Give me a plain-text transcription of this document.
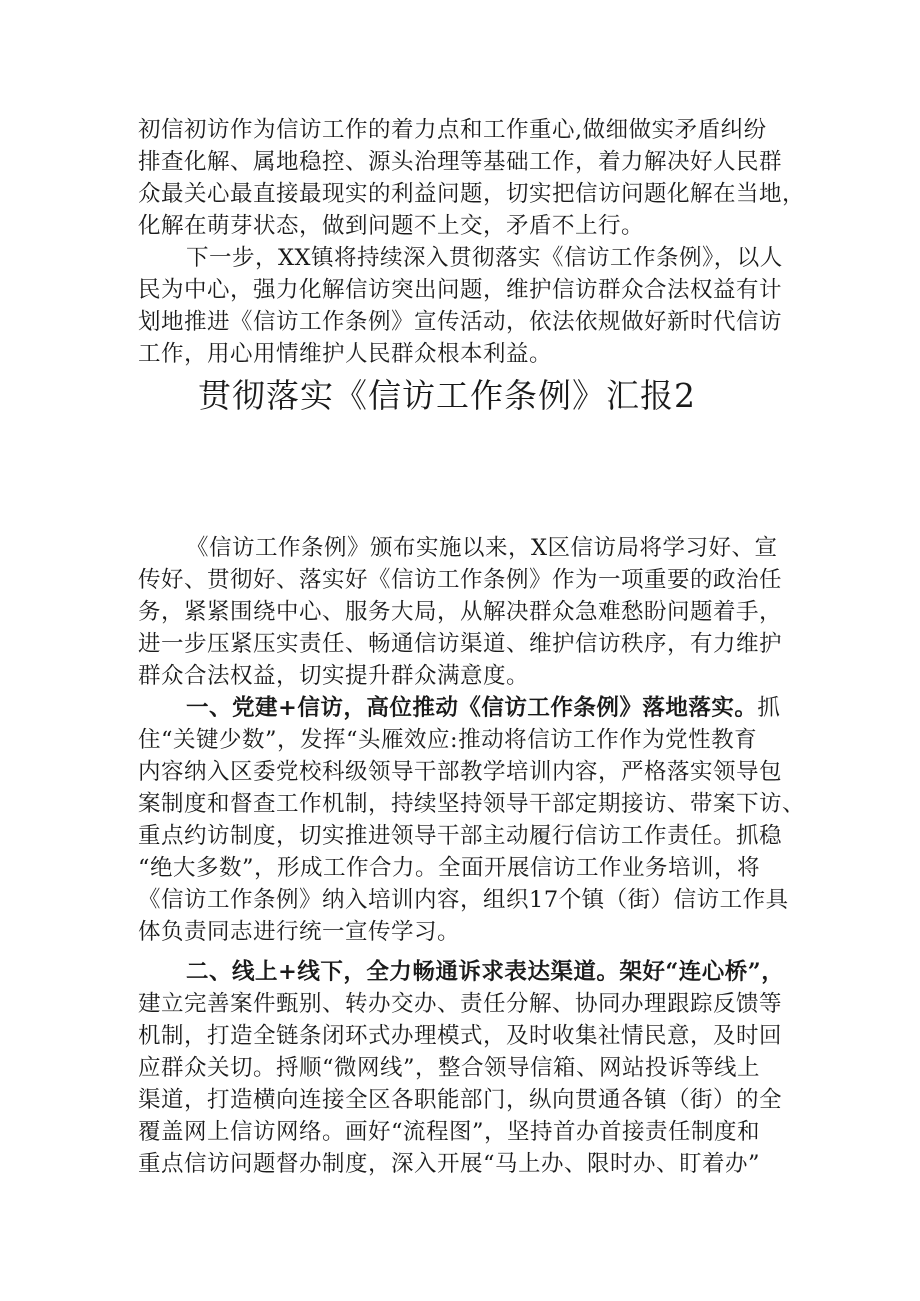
初信初访作为信访工作的着力点和工作重心,做细做实矛盾纠纷
排查化解、属地稳控、源头治理等基础工作，着力解决好人民群
众最关心最直接最现实的利益问题，切实把信访问题化解在当地，
化解在萌芽状态，做到问题不上交，矛盾不上行。
下一步，XX镇将持续深入贯彻落实《信访工作条例》，以人
民为中心，强力化解信访突出问题，维护信访群众合法权益有计
划地推进《信访工作条例》宣传活动，依法依规做好新时代信访
工作，用心用情维护人民群众根本利益。
贯彻落实《信访工作条例》汇报2
《信访工作条例》颁布实施以来，X区信访局将学习好、宣
传好、贯彻好、落实好《信访工作条例》作为一项重要的政治任
务，紧紧围绕中心、服务大局，从解决群众急难愁盼问题着手，
进一步压紧压实责任、畅通信访渠道、维护信访秩序，有力维护
群众合法权益，切实提升群众满意度。
一、党建+信访，高位推动《信访工作条例》落地落实。抓
住“关键少数”，发挥“头雁效应:推动将信访工作作为党性教育
内容纳入区委党校科级领导干部教学培训内容，严格落实领导包
案制度和督查工作机制，持续坚持领导干部定期接访、带案下访、
重点约访制度，切实推进领导干部主动履行信访工作责任。抓稳
“绝大多数”，形成工作合力。全面开展信访工作业务培训，将
《信访工作条例》纳入培训内容，组织17个镇（街）信访工作具
体负责同志进行统一宣传学习。
二、线上+线下，全力畅通诉求表达渠道。架好“连心桥”，
建立完善案件甄别、转办交办、责任分解、协同办理跟踪反馈等
机制，打造全链条闭环式办理模式，及时收集社情民意，及时回
应群众关切。捋顺“微网线”，整合领导信箱、网站投诉等线上
渠道，打造横向连接全区各职能部门，纵向贯通各镇（街）的全
覆盖网上信访网络。画好“流程图”，坚持首办首接责任制度和
重点信访问题督办制度，深入开展“马上办、限时办、盯着办”
